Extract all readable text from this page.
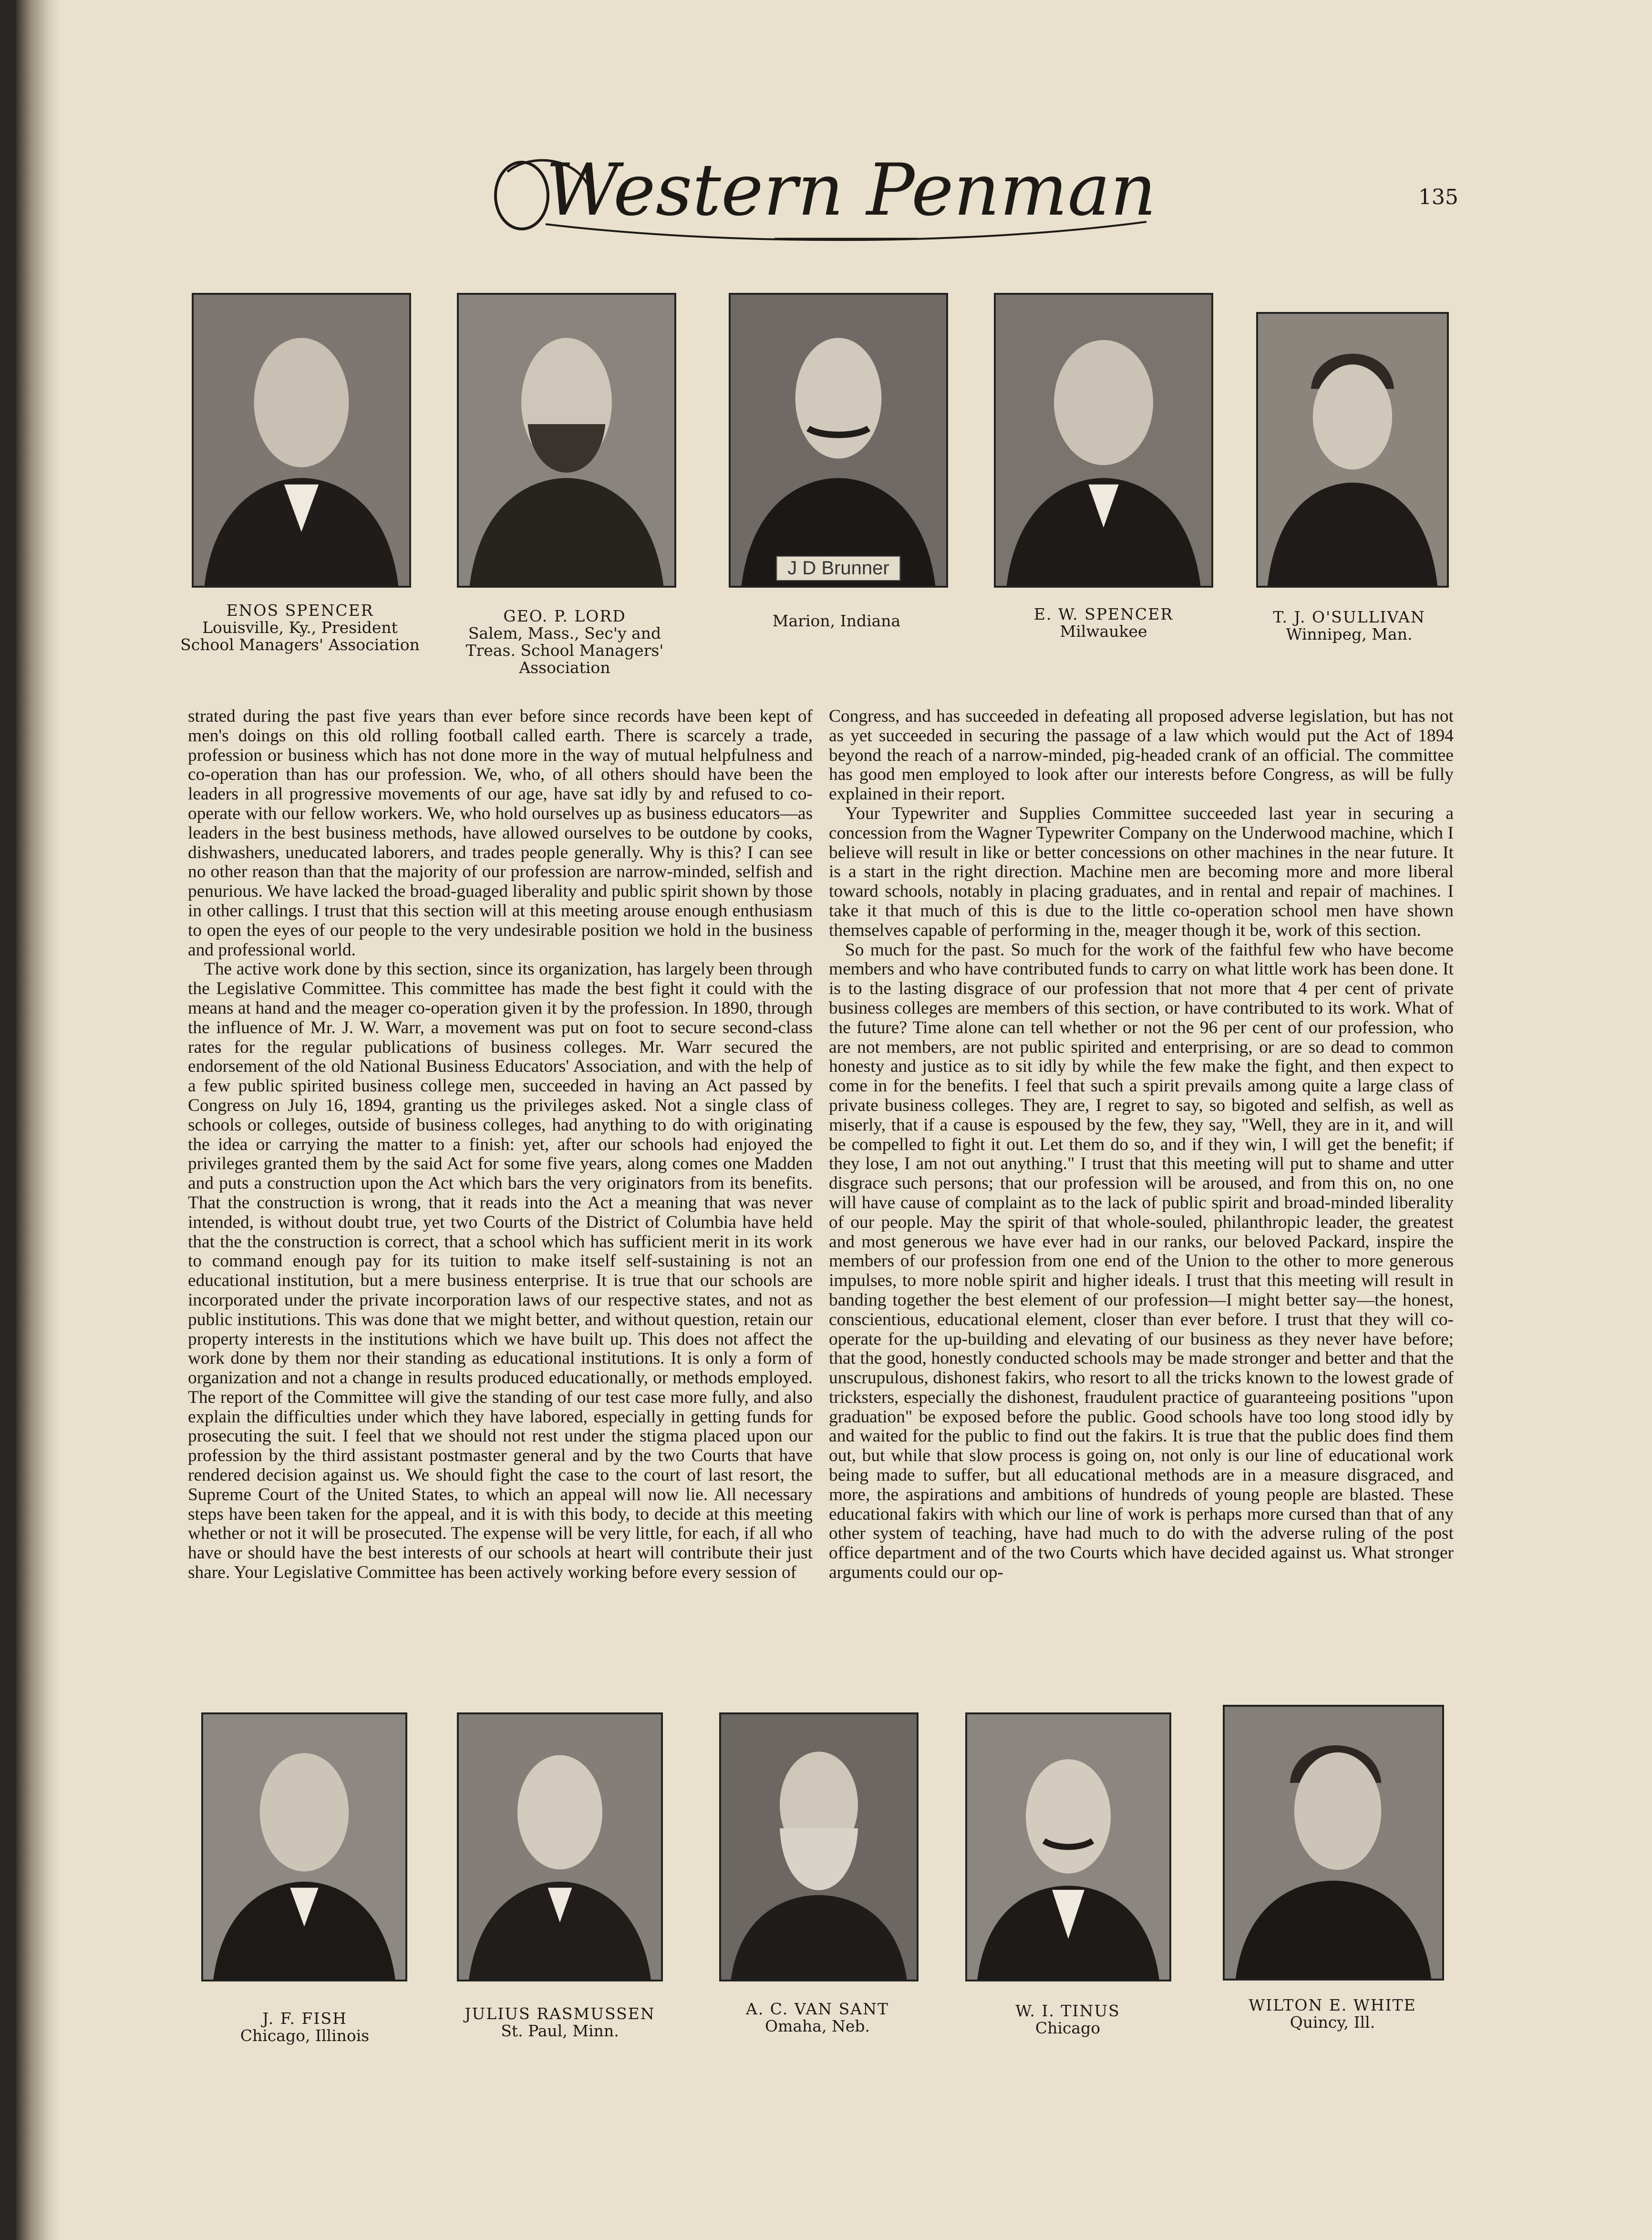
Western Penman	135
J D Brunner
ENOS SPENCER
Louisville, Ky., President School Managers' Association
GEO. P. LORD
Salem, Mass., Sec'y and Treas. School Managers' Association
Marion, Indiana	E. W. SPENCER
Milwaukee
T. J. O'SULLIVAN
Winnipeg, Man.

strated during the past five years than ever before since records have been kept of men's doings on this old rolling football called earth. There is scarcely a trade, profession or business which has not done more in the way of mutual helpfulness and co-operation than has our profession. We, who, of all others should have been the leaders in all progressive movements of our age, have sat idly by and refused to co-operate with our fellow workers. We, who hold ourselves up as business educators—as leaders in the best business methods, have allowed ourselves to be outdone by cooks, dishwashers, uneducated laborers, and trades people generally. Why is this? I can see no other reason than that the majority of our profession are narrow-minded, selfish and penurious. We have lacked the broad-guaged liberality and public spirit shown by those in other callings. I trust that this section will at this meeting arouse enough enthusiasm to open the eyes of our people to the very undesirable position we hold in the business and professional world.

The active work done by this section, since its organization, has largely been through the Legislative Committee. This committee has made the best fight it could with the means at hand and the meager co-operation given it by the profession. In 1890, through the influence of Mr. J. W. Warr, a movement was put on foot to secure second-class rates for the regular publications of business colleges. Mr. Warr secured the endorsement of the old National Business Educators' Association, and with the help of a few public spirited business college men, succeeded in having an Act passed by Congress on July 16, 1894, granting us the privileges asked. Not a single class of schools or colleges, outside of business colleges, had anything to do with originating the idea or carrying the matter to a finish: yet, after our schools had enjoyed the privileges granted them by the said Act for some five years, along comes one Madden and puts a construction upon the Act which bars the very originators from its benefits. That the construction is wrong, that it reads into the Act a meaning that was never intended, is without doubt true, yet two Courts of the District of Columbia have held that the the construction is correct, that a school which has sufficient merit in its work to command enough pay for its tuition to make itself self-sustaining is not an educational institution, but a mere business enterprise. It is true that our schools are incorporated under the private incorporation laws of our respective states, and not as public institutions. This was done that we might better, and without question, retain our property interests in the institutions which we have built up. This does not affect the work done by them nor their standing as educational institutions. It is only a form of organization and not a change in results produced educationally, or methods employed. The report of the Committee will give the standing of our test case more fully, and also explain the difficulties under which they have labored, especially in getting funds for prosecuting the suit. I feel that we should not rest under the stigma placed upon our profession by the third assistant postmaster general and by the two Courts that have rendered decision against us. We should fight the case to the court of last resort, the Supreme Court of the United States, to which an appeal will now lie. All necessary steps have been taken for the appeal, and it is with this body, to decide at this meeting whether or not it will be prosecuted. The expense will be very little, for each, if all who have or should have the best interests of our schools at heart will contribute their just share. Your Legislative Committee has been actively working before every session of

Congress, and has succeeded in defeating all proposed adverse legislation, but has not as yet succeeded in securing the passage of a law which would put the Act of 1894 beyond the reach of a narrow-minded, pig-headed crank of an official. The committee has good men employed to look after our interests before Congress, as will be fully explained in their report.

Your Typewriter and Supplies Committee succeeded last year in securing a concession from the Wagner Typewriter Company on the Underwood machine, which I believe will result in like or better concessions on other machines in the near future. It is a start in the right direction. Machine men are becoming more and more liberal toward schools, notably in placing graduates, and in rental and repair of machines. I take it that much of this is due to the little co-operation school men have shown themselves capable of performing in the, meager though it be, work of this section.

So much for the past. So much for the work of the faithful few who have become members and who have contributed funds to carry on what little work has been done. It is to the lasting disgrace of our profession that not more that 4 per cent of private business colleges are members of this section, or have contributed to its work. What of the future? Time alone can tell whether or not the 96 per cent of our profession, who are not members, are not public spirited and enterprising, or are so dead to common honesty and justice as to sit idly by while the few make the fight, and then expect to come in for the benefits. I feel that such a spirit prevails among quite a large class of private business colleges. They are, I regret to say, so bigoted and selfish, as well as miserly, that if a cause is espoused by the few, they say, "Well, they are in it, and will be compelled to fight it out. Let them do so, and if they win, I will get the benefit; if they lose, I am not out anything." I trust that this meeting will put to shame and utter disgrace such persons; that our profession will be aroused, and from this on, no one will have cause of complaint as to the lack of public spirit and broad-minded liberality of our people. May the spirit of that whole-souled, philanthropic leader, the greatest and most generous we have ever had in our ranks, our beloved Packard, inspire the members of our profession from one end of the Union to the other to more generous impulses, to more noble spirit and higher ideals. I trust that this meeting will result in banding together the best element of our profession—I might better say—the honest, conscientious, educational element, closer than ever before. I trust that they will co-operate for the up-building and elevating of our business as they never have before; that the good, honestly conducted schools may be made stronger and better and that the unscrupulous, dishonest fakirs, who resort to all the tricks known to the lowest grade of tricksters, especially the dishonest, fraudulent practice of guaranteeing positions "upon graduation" be exposed before the public. Good schools have too long stood idly by and waited for the public to find out the fakirs. It is true that the public does find them out, but while that slow process is going on, not only is our line of educational work being made to suffer, but all educational methods are in a measure disgraced, and more, the aspirations and ambitions of hundreds of young people are blasted. These educational fakirs with which our line of work is perhaps more cursed than that of any other system of teaching, have had much to do with the adverse ruling of the post office department and of the two Courts which have decided against us. What stronger arguments could our op-

J. F. FISH
Chicago, Illinois
JULIUS RASMUSSEN
St. Paul, Minn.
A. C. VAN SANT
Omaha, Neb.
W. I. TINUS
Chicago
WILTON E. WHITE
Quincy, Ill.
